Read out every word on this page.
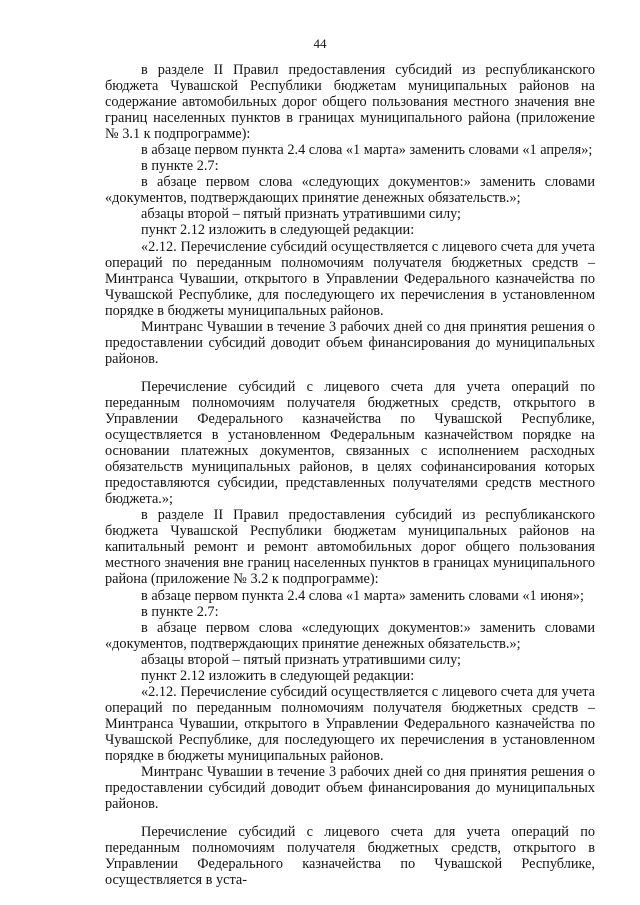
44

в разделе II Правил предоставления субсидий из республиканского бюджета Чувашской Республики бюджетам муниципальных районов на содержание автомобильных дорог общего пользования местного значения вне границ населенных пунктов в границах муниципального района (приложение № 3.1 к подпрограмме):

в абзаце первом пункта 2.4 слова «1 марта» заменить словами «1 апреля»;

в пункте 2.7:

в абзаце первом слова «следующих документов:» заменить словами «документов, подтверждающих принятие денежных обязательств.»;

абзацы второй – пятый признать утратившими силу;

пункт 2.12 изложить в следующей редакции:

«2.12. Перечисление субсидий осуществляется с лицевого счета для учета операций по переданным полномочиям получателя бюджетных средств – Минтранса Чувашии, открытого в Управлении Федерального казначейства по Чувашской Республике, для последующего их перечисления в установленном порядке в бюджеты муниципальных районов.

Минтранс Чувашии в течение 3 рабочих дней со дня принятия решения о предоставлении субсидий доводит объем финансирования до муниципальных районов.

Перечисление субсидий с лицевого счета для учета операций по переданным полномочиям получателя бюджетных средств, открытого в Управлении Федерального казначейства по Чувашской Республике, осуществляется в установленном Федеральным казначейством порядке на основании платежных документов, связанных с исполнением расходных обязательств муниципальных районов, в целях софинансирования которых предоставляются субсидии, представленных получателями средств местного бюджета.»;

в разделе II Правил предоставления субсидий из республиканского бюджета Чувашской Республики бюджетам муниципальных районов на капитальный ремонт и ремонт автомобильных дорог общего пользования местного значения вне границ населенных пунктов в границах муниципального района (приложение № 3.2 к подпрограмме):

в абзаце первом пункта 2.4 слова «1 марта» заменить словами «1 июня»;

в пункте 2.7:

в абзаце первом слова «следующих документов:» заменить словами «документов, подтверждающих принятие денежных обязательств.»;

абзацы второй – пятый признать утратившими силу;

пункт 2.12 изложить в следующей редакции:

«2.12. Перечисление субсидий осуществляется с лицевого счета для учета операций по переданным полномочиям получателя бюджетных средств – Минтранса Чувашии, открытого в Управлении Федерального казначейства по Чувашской Республике, для последующего их перечисления в установленном порядке в бюджеты муниципальных районов.

Минтранс Чувашии в течение 3 рабочих дней со дня принятия решения о предоставлении субсидий доводит объем финансирования до муниципальных районов.

Перечисление субсидий с лицевого счета для учета операций по переданным полномочиям получателя бюджетных средств, открытого в Управлении Федерального казначейства по Чувашской Республике, осуществляется в уста-
